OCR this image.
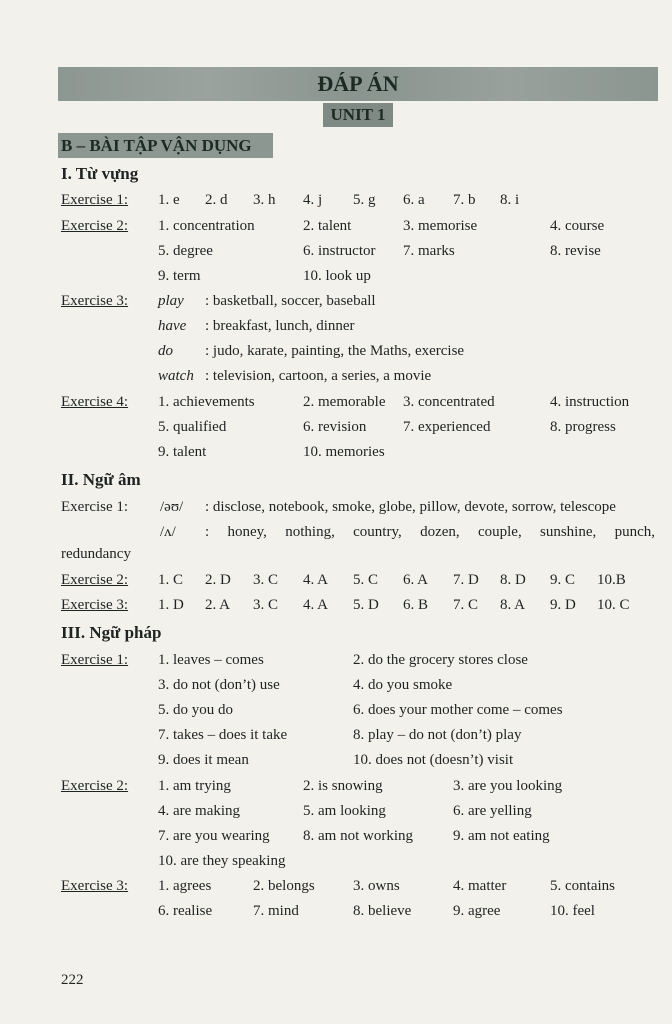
ĐÁP ÁN
UNIT 1
B – BÀI TẬP VẬN DỤNG
I. Từ vựng
Exercise 1: 1. e 2. d 3. h 4. j 5. g 6. a 7. b 8. i
Exercise 2: 1. concentration	2. talent	3. memorise	4. course
5. degree	6. instructor 7. marks	8. revise
9. term	10. look up
Exercise 3: play : basketball, soccer, baseball
have : breakfast, lunch, dinner
do : judo, karate, painting, the Maths, exercise
watch : television, cartoon, a series, a movie
Exercise 4: 1. achievements	2. memorable 3. concentrated	4. instruction
5. qualified	6. revision 7. experienced	8. progress
9. talent	10. memories
II. Ngữ âm
Exercise 1: /əʊ/ : disclose, notebook, smoke, globe, pillow, devote, sorrow, telescope
/ʌ/ : honey, nothing, country, dozen, couple, sunshine, punch,
redundancy
Exercise 2: 1. C 2. D 3. C 4. A 5. C 6. A 7. D 8. D 9. C 10.B
Exercise 3: 1. D 2. A 3. C 4. A 5. D 6. B 7. C 8. A 9. D 10. C
III. Ngữ pháp
Exercise 1: 1. leaves – comes	2. do the grocery stores close
3. do not (don’t) use	4. do you smoke
5. do you do	6. does your mother come – comes
7. takes – does it take	8. play – do not (don’t) play
9. does it mean	10. does not (doesn’t) visit
Exercise 2: 1. am trying	2. is snowing	3. are you looking
4. are making	5. am looking	6. are yelling
7. are you wearing 8. am not working	9. am not eating
10. are they speaking
Exercise 3: 1. agrees	2. belongs	3. owns	4. matter	5. contains
6. realise	7. mind	8. believe	9. agree	10. feel
222
